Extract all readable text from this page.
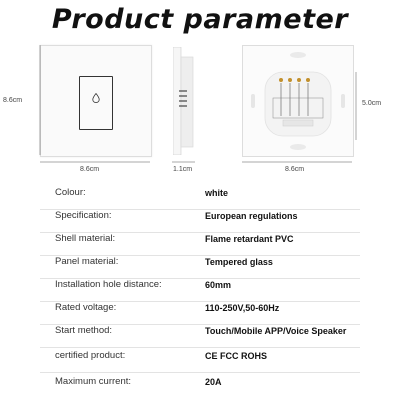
Product parameter
8.6cm
8.6cm	1.1cm	8.6cm
5.0cm
Colour:	white
Specification:	European regulations
Shell material:	Flame retardant PVC
Panel material:	Tempered glass
Installation hole distance:	60mm
Rated voltage:	110-250V,50-60Hz
Start method:	Touch/Mobile APP/Voice Speaker
certified product:	CE FCC ROHS
Maximum current:	20A
